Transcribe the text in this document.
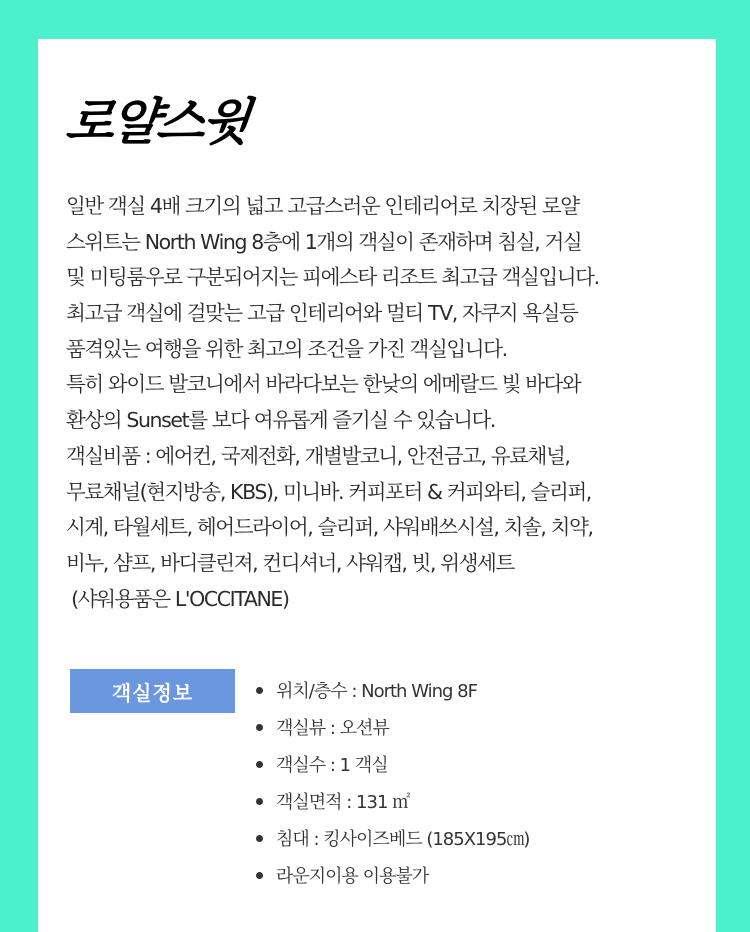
로얄스윗
일반 객실 4배 크기의 넓고 고급스러운 인테리어로 치장된 로얄
스위트는 North Wing 8층에 1개의 객실이 존재하며 침실, 거실
및 미팅룸우로 구분되어지는 피에스타 리조트 최고급 객실입니다.
최고급 객실에 걸맞는 고급 인테리어와 멀티 TV, 자쿠지 욕실등
품격있는 여행을 위한 최고의 조건을 가진 객실입니다.
특히 와이드 발코니에서 바라다보는 한낮의 에메랄드 빛 바다와
환상의 Sunset를 보다 여유롭게 즐기실 수 있습니다.
객실비품 : 에어컨, 국제전화, 개별발코니, 안전금고, 유료채널,
무료채널(현지방송, KBS), 미니바. 커피포터 & 커피와티, 슬리퍼,
시계, 타월세트, 헤어드라이어, 슬리퍼, 샤워배쓰시설, 치솔, 치약,
비누, 샴프, 바디클린져, 컨디셔너, 샤워캡, 빗, 위생세트
(샤워용품은 L'OCCITANE)
객실정보	위치/층수 : North Wing 8F
객실뷰 : 오션뷰
객실수 : 1 객실
객실면적 : 131 ㎡
침대 : 킹사이즈베드 (185X195㎝)
라운지이용 이용불가
